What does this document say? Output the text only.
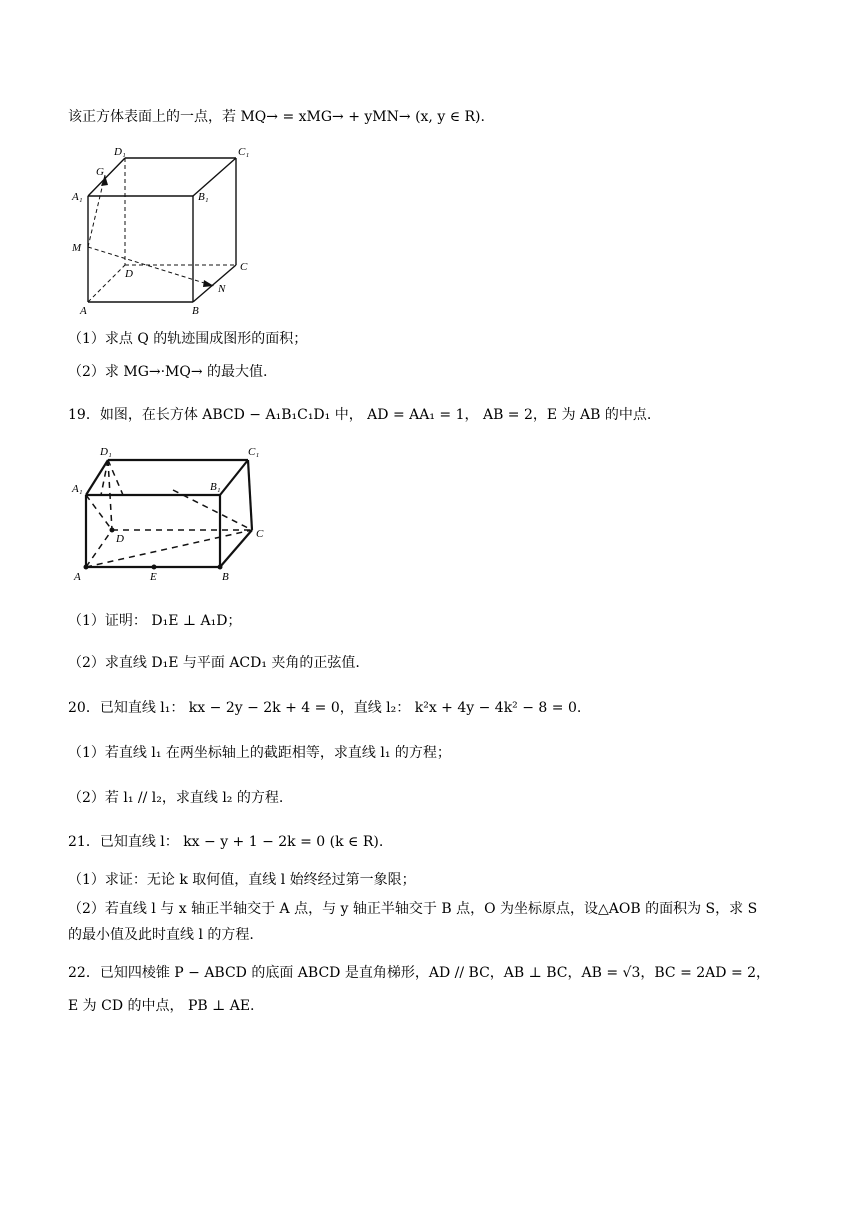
该正方体表面上的一点，若 MQ→ = xMG→ + yMN→ (x, y ∈ R).
D₁	C₁
G
A₁	B₁
M
D
C
N
A	B
（1）求点 Q 的轨迹围成图形的面积；
（2）求 MG→·MQ→ 的最大值.
19．如图，在长方体 ABCD − A₁B₁C₁D₁ 中， AD = AA₁ = 1， AB = 2，E 为 AB 的中点.
D₁	C₁
A₁	B₁
D	C
A	E	B
（1）证明： D₁E ⊥ A₁D；
（2）求直线 D₁E 与平面 ACD₁ 夹角的正弦值.
20．已知直线 l₁： kx − 2y − 2k + 4 = 0，直线 l₂： k²x + 4y − 4k² − 8 = 0.
（1）若直线 l₁ 在两坐标轴上的截距相等，求直线 l₁ 的方程；
（2）若 l₁ // l₂，求直线 l₂ 的方程.
21．已知直线 l： kx − y + 1 − 2k = 0 (k ∈ R).
（1）求证：无论 k 取何值，直线 l 始终经过第一象限；
（2）若直线 l 与 x 轴正半轴交于 A 点，与 y 轴正半轴交于 B 点，O 为坐标原点，设△AOB 的面积为 S，求 S
的最小值及此时直线 l 的方程.
22．已知四棱锥 P − ABCD 的底面 ABCD 是直角梯形，AD // BC，AB ⊥ BC，AB = √3，BC = 2AD = 2，
E 为 CD 的中点， PB ⊥ AE.
